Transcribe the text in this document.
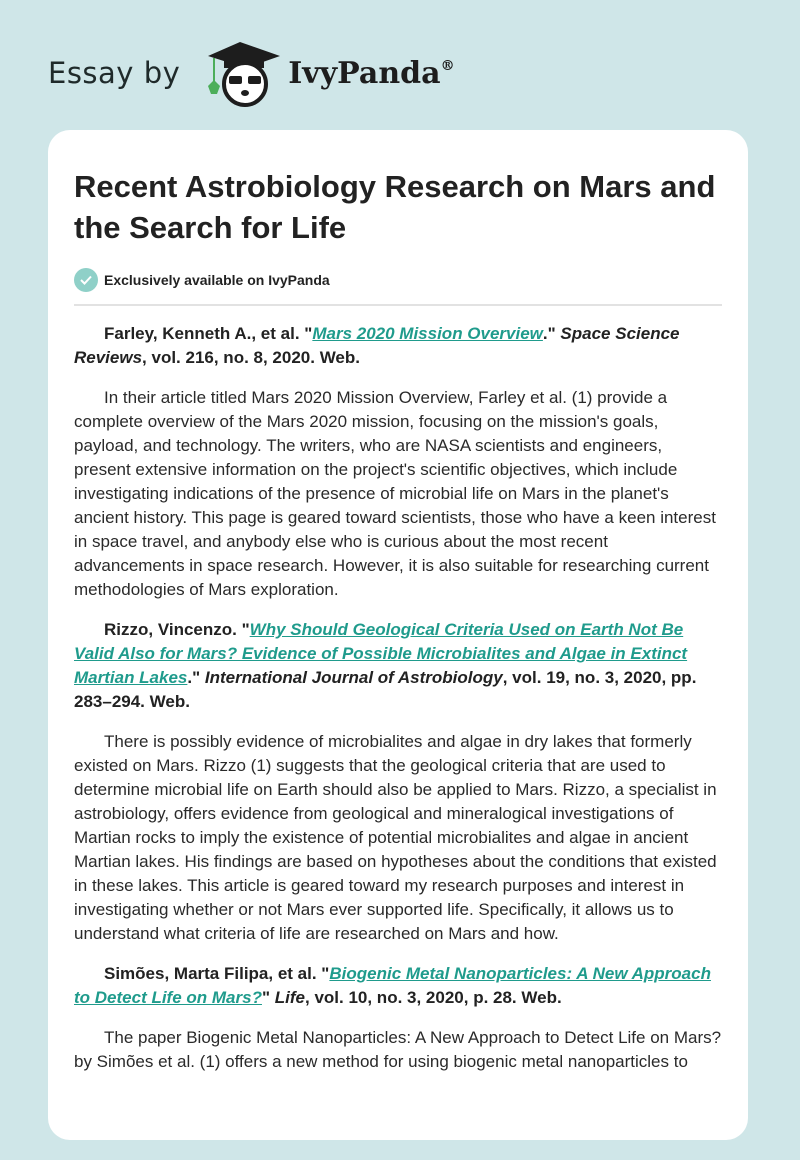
Essay by	IvyPanda®
Recent Astrobiology Research on Mars and the Search for Life
Exclusively available on IvyPanda

Farley, Kenneth A., et al. "Mars 2020 Mission Overview." Space Science Reviews, vol. 216, no. 8, 2020. Web.

In their article titled Mars 2020 Mission Overview, Farley et al. (1) provide a complete overview of the Mars 2020 mission, focusing on the mission's goals, payload, and technology. The writers, who are NASA scientists and engineers, present extensive information on the project's scientific objectives, which include investigating indications of the presence of microbial life on Mars in the planet's ancient history. This page is geared toward scientists, those who have a keen interest in space travel, and anybody else who is curious about the most recent advancements in space research. However, it is also suitable for researching current methodologies of Mars exploration.

Rizzo, Vincenzo. "Why Should Geological Criteria Used on Earth Not Be Valid Also for Mars? Evidence of Possible Microbialites and Algae in Extinct Martian Lakes." International Journal of Astrobiology, vol. 19, no. 3, 2020, pp. 283–294. Web.

There is possibly evidence of microbialites and algae in dry lakes that formerly existed on Mars. Rizzo (1) suggests that the geological criteria that are used to determine microbial life on Earth should also be applied to Mars. Rizzo, a specialist in astrobiology, offers evidence from geological and mineralogical investigations of Martian rocks to imply the existence of potential microbialites and algae in ancient Martian lakes. His findings are based on hypotheses about the conditions that existed in these lakes. This article is geared toward my research purposes and interest in investigating whether or not Mars ever supported life. Specifically, it allows us to understand what criteria of life are researched on Mars and how.

Simões, Marta Filipa, et al. "Biogenic Metal Nanoparticles: A New Approach to Detect Life on Mars?" Life, vol. 10, no. 3, 2020, p. 28. Web.

The paper Biogenic Metal Nanoparticles: A New Approach to Detect Life on Mars? by Simões et al. (1) offers a new method for using biogenic metal nanoparticles to
